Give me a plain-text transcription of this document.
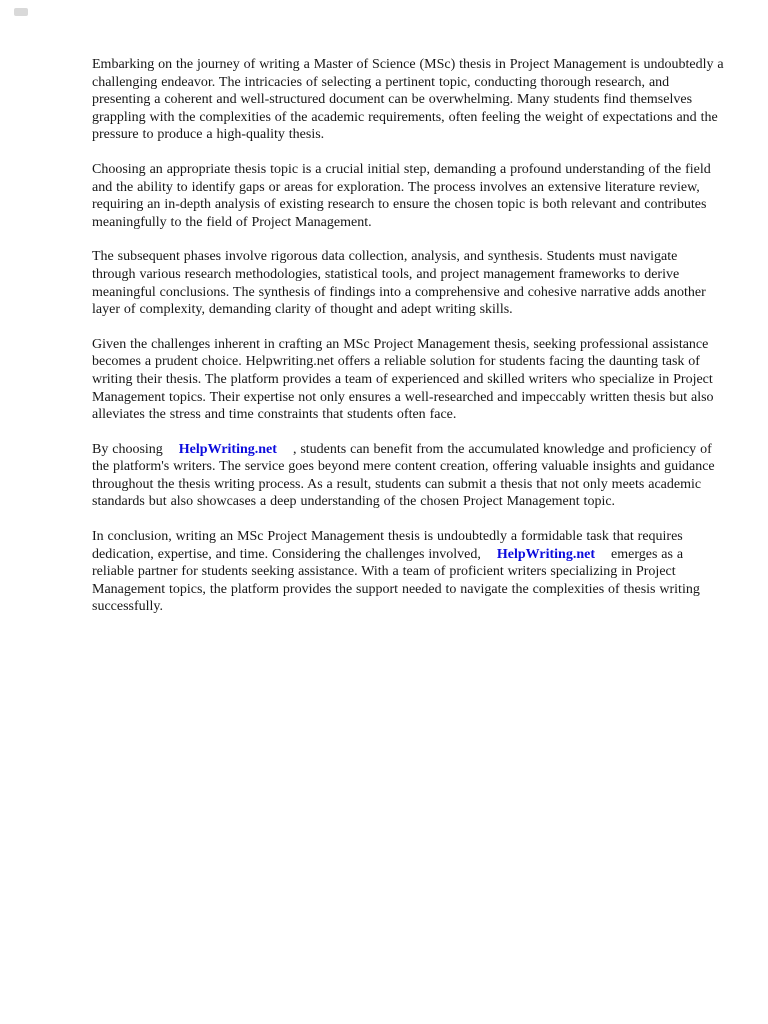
Embarking on the journey of writing a Master of Science (MSc) thesis in Project Management is undoubtedly a challenging endeavor. The intricacies of selecting a pertinent topic, conducting thorough research, and presenting a coherent and well-structured document can be overwhelming. Many students find themselves grappling with the complexities of the academic requirements, often feeling the weight of expectations and the pressure to produce a high-quality thesis.

Choosing an appropriate thesis topic is a crucial initial step, demanding a profound understanding of the field and the ability to identify gaps or areas for exploration. The process involves an extensive literature review, requiring an in-depth analysis of existing research to ensure the chosen topic is both relevant and contributes meaningfully to the field of Project Management.

The subsequent phases involve rigorous data collection, analysis, and synthesis. Students must navigate through various research methodologies, statistical tools, and project management frameworks to derive meaningful conclusions. The synthesis of findings into a comprehensive and cohesive narrative adds another layer of complexity, demanding clarity of thought and adept writing skills.

Given the challenges inherent in crafting an MSc Project Management thesis, seeking professional assistance becomes a prudent choice. Helpwriting.net offers a reliable solution for students facing the daunting task of writing their thesis. The platform provides a team of experienced and skilled writers who specialize in Project Management topics. Their expertise not only ensures a well-researched and impeccably written thesis but also alleviates the stress and time constraints that students often face.

By choosing HelpWriting.net , students can benefit from the accumulated knowledge and proficiency of the platform's writers. The service goes beyond mere content creation, offering valuable insights and guidance throughout the thesis writing process. As a result, students can submit a thesis that not only meets academic standards but also showcases a deep understanding of the chosen Project Management topic.

In conclusion, writing an MSc Project Management thesis is undoubtedly a formidable task that requires dedication, expertise, and time. Considering the challenges involved, HelpWriting.net emerges as a reliable partner for students seeking assistance. With a team of proficient writers specializing in Project Management topics, the platform provides the support needed to navigate the complexities of thesis writing successfully.
